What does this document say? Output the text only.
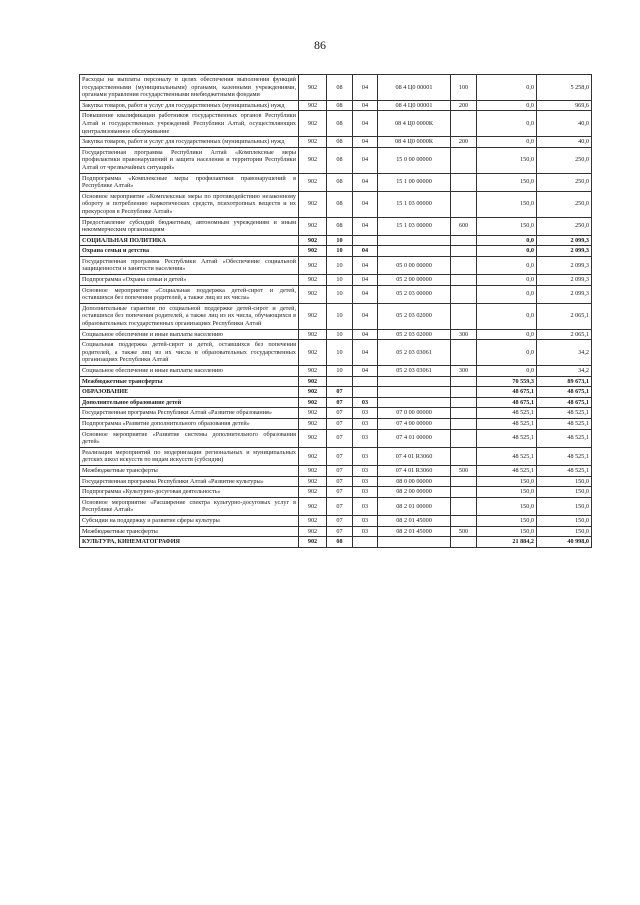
86
Расходы на выплаты персоналу в целях обеспечения выполнения функций государственными (муниципальными) органами, казенными учреждениями, органами управления государственными внебюджетными фондами	902	08	04	08 4 Ц0 00001	100	0,0	5 258,0
Закупка товаров, работ и услуг для государственных (муниципальных) нужд	902	08	04	08 4 Ц0 00001	200	0,0	969,6
Повышение квалификации работников государственных органов Республики Алтай и государственных учреждений Республики Алтай, осуществляющих централизованное обслуживание	902	08	04	08 4 Ц0 0000К		0,0	40,0
Закупка товаров, работ и услуг для государственных (муниципальных) нужд	902	08	04	08 4 Ц0 0000К	200	0,0	40,0
Государственная программа Республики Алтай «Комплексные меры профилактики правонарушений и защита населения и территории Республики Алтай от чрезвычайных ситуаций»	902	08	04	15 0 00 00000		150,0	250,0
Подпрограмма «Комплексные меры профилактики правонарушений в Республике Алтай»	902	08	04	15 1 00 00000		150,0	250,0
Основное мероприятие «Комплексные меры по противодействию незаконному обороту и потреблению наркотических средств, психотропных веществ и их прекурсоров в Республике Алтай»	902	08	04	15 1 03 00000		150,0	250,0
Предоставление субсидий бюджетным, автономным учреждениям и иным некоммерческим организациям	902	08	04	15 1 03 00000	600	150,0	250,0
СОЦИАЛЬНАЯ ПОЛИТИКА	902	10				0,0	2 099,3
Охрана семьи и детства	902	10	04			0,0	2 099,3
Государственная программа Республики Алтай «Обеспечение социальной защищенности и занятости населения»	902	10	04	05 0 00 00000		0,0	2 099,3
Подпрограмма «Охрана семьи и детей»	902	10	04	05 2 00 00000		0,0	2 099,3
Основное мероприятие «Социальная поддержка детей-сирот и детей, оставшихся без попечения родителей, а также лиц из их числа»	902	10	04	05 2 03 00000		0,0	2 099,3
Дополнительные гарантии по социальной поддержке детей-сирот и детей, оставшихся без попечения родителей, а также лиц из их числа, обучающихся в образовательных государственных организациях Республики Алтай	902	10	04	05 2 03 02000		0,0	2 065,1
Социальное обеспечение и иные выплаты населению	902	10	04	05 2 03 02000	300	0,0	2 065,1
Социальная поддержка детей-сирот и детей, оставшихся без попечения родителей, а также лиц из их числа в образовательных государственных организациях Республики Алтай	902	10	04	05 2 03 03061		0,0	34,2
Социальное обеспечение и иные выплаты населению	902	10	04	05 2 03 03061	300	0,0	34,2
Межбюджетные трансферты	902					70 559,3	89 673,1
ОБРАЗОВАНИЕ	902	07				48 675,1	48 675,1
Дополнительное образование детей	902	07	03			48 675,1	48 675,1
Государственная программа Республики Алтай «Развитие образования»	902	07	03	07 0 00 00000		48 525,1	48 525,1
Подпрограмма «Развитие дополнительного образования детей»	902	07	03	07 4 00 00000		48 525,1	48 525,1
Основное мероприятие «Развитие системы дополнительного образования детей»	902	07	03	07 4 01 00000		48 525,1	48 525,1
Реализация мероприятий по модернизации региональных и муниципальных детских школ искусств по видам искусств (субсидии)	902	07	03	07 4 01 R3060		48 525,1	48 525,1
Межбюджетные трансферты	902	07	03	07 4 01 R3060	500	48 525,1	48 525,1
Государственная программа Республики Алтай «Развитие культуры»	902	07	03	08 0 00 00000		150,0	150,0
Подпрограмма «Культурно-досуговая деятельность»	902	07	03	08 2 00 00000		150,0	150,0
Основное мероприятие «Расширение спектра культурно-досуговых услуг в Республике Алтай»	902	07	03	08 2 01 00000		150,0	150,0
Субсидии на поддержку и развитие сферы культуры	902	07	03	08 2 01 45000		150,0	150,0
Межбюджетные трансферты	902	07	03	08 2 01 45000	500	150,0	150,0
КУЛЬТУРА, КИНЕМАТОГРАФИЯ	902	08				21 884,2	40 998,0
